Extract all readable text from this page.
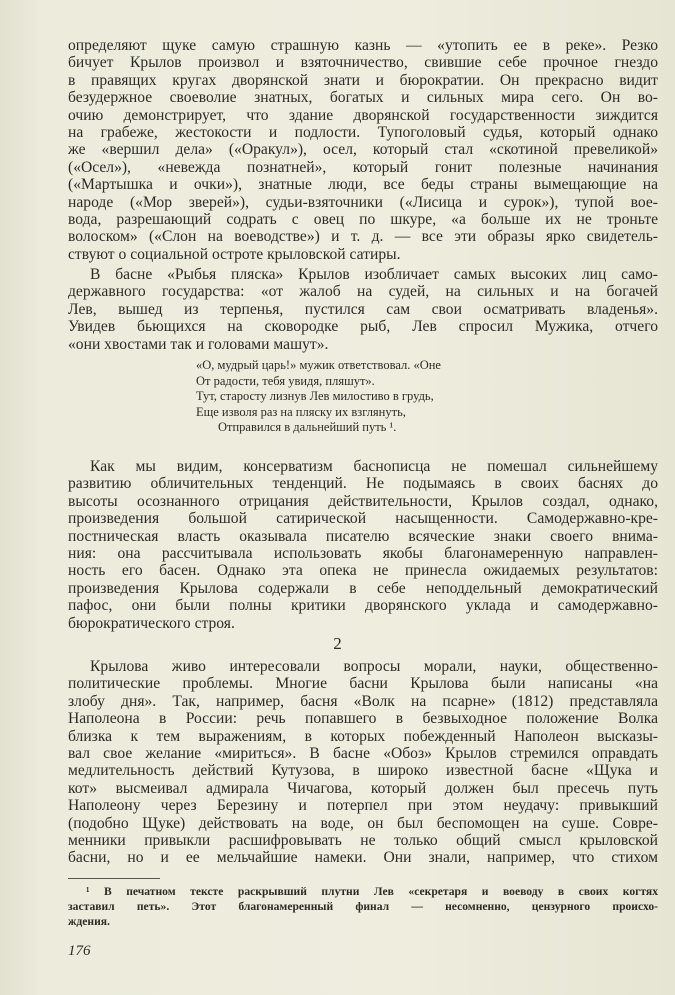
определяют щуке самую страшную казнь — «утопить ее в реке». Резко
бичует Крылов произвол и взяточничество, свившие себе прочное гнездо
в правящих кругах дворянской знати и бюрократии. Он прекрасно видит
безудержное своеволие знатных, богатых и сильных мира сего. Он во-
очию демонстрирует, что здание дворянской государственности зиждится
на грабеже, жестокости и подлости. Тупоголовый судья, который однако
же «вершил дела» («Оракул»), осел, который стал «скотиной превеликой»
(«Осел»), «невежда познатней», который гонит полезные начинания
(«Мартышка и очки»), знатные люди, все беды страны вымещающие на
народе («Мор зверей»), судьи-взяточники («Лисица и сурок»), тупой вое-
вода, разрешающий содрать с овец по шкуре, «а больше их не троньте
волоском» («Слон на воеводстве») и т. д. — все эти образы ярко свидетель-
ствуют о социальной остроте крыловской сатиры.
В басне «Рыбья пляска» Крылов изобличает самых высоких лиц само-
державного государства: «от жалоб на судей, на сильных и на богачей
Лев, вышед из терпенья, пустился сам свои осматривать владенья».
Увидев бьющихся на сковородке рыб, Лев спросил Мужика, отчего
«они хвостами так и головами машут».
«О, мудрый царь!» мужик ответствовал. «Оне
От радости, тебя увидя, пляшут».
Тут, старосту лизнув Лев милостиво в грудь,
Еще изволя раз на пляску их взглянуть,
Отправился в дальнейший путь ¹.
Как мы видим, консерватизм баснописца не помешал сильнейшему
развитию обличительных тенденций. Не подымаясь в своих баснях до
высоты осознанного отрицания действительности, Крылов создал, однако,
произведения большой сатирической насыщенности. Самодержавно-кре-
постническая власть оказывала писателю всяческие знаки своего внима-
ния: она рассчитывала использовать якобы благонамеренную направлен-
ность его басен. Однако эта опека не принесла ожидаемых результатов:
произведения Крылова содержали в себе неподдельный демократический
пафос, они были полны критики дворянского уклада и самодержавно-
бюрократического строя.
2
Крылова живо интересовали вопросы морали, науки, общественно-
политические проблемы. Многие басни Крылова были написаны «на
злобу дня». Так, например, басня «Волк на псарне» (1812) представляла
Наполеона в России: речь попавшего в безвыходное положение Волка
близка к тем выражениям, в которых побежденный Наполеон высказы-
вал свое желание «мириться». В басне «Обоз» Крылов стремился оправдать
медлительность действий Кутузова, в широко известной басне «Щука и
кот» высмеивал адмирала Чичагова, который должен был пресечь путь
Наполеону через Березину и потерпел при этом неудачу: привыкший
(подобно Щуке) действовать на воде, он был беспомощен на суше. Совре-
менники привыкли расшифровывать не только общий смысл крыловской
басни, но и ее мельчайшие намеки. Они знали, например, что стихом
¹ В печатном тексте раскрывший плутни Лев «секретаря и воеводу в своих когтях
заставил петь». Этот благонамеренный финал — несомненно, цензурного происхо-
ждения.
176
